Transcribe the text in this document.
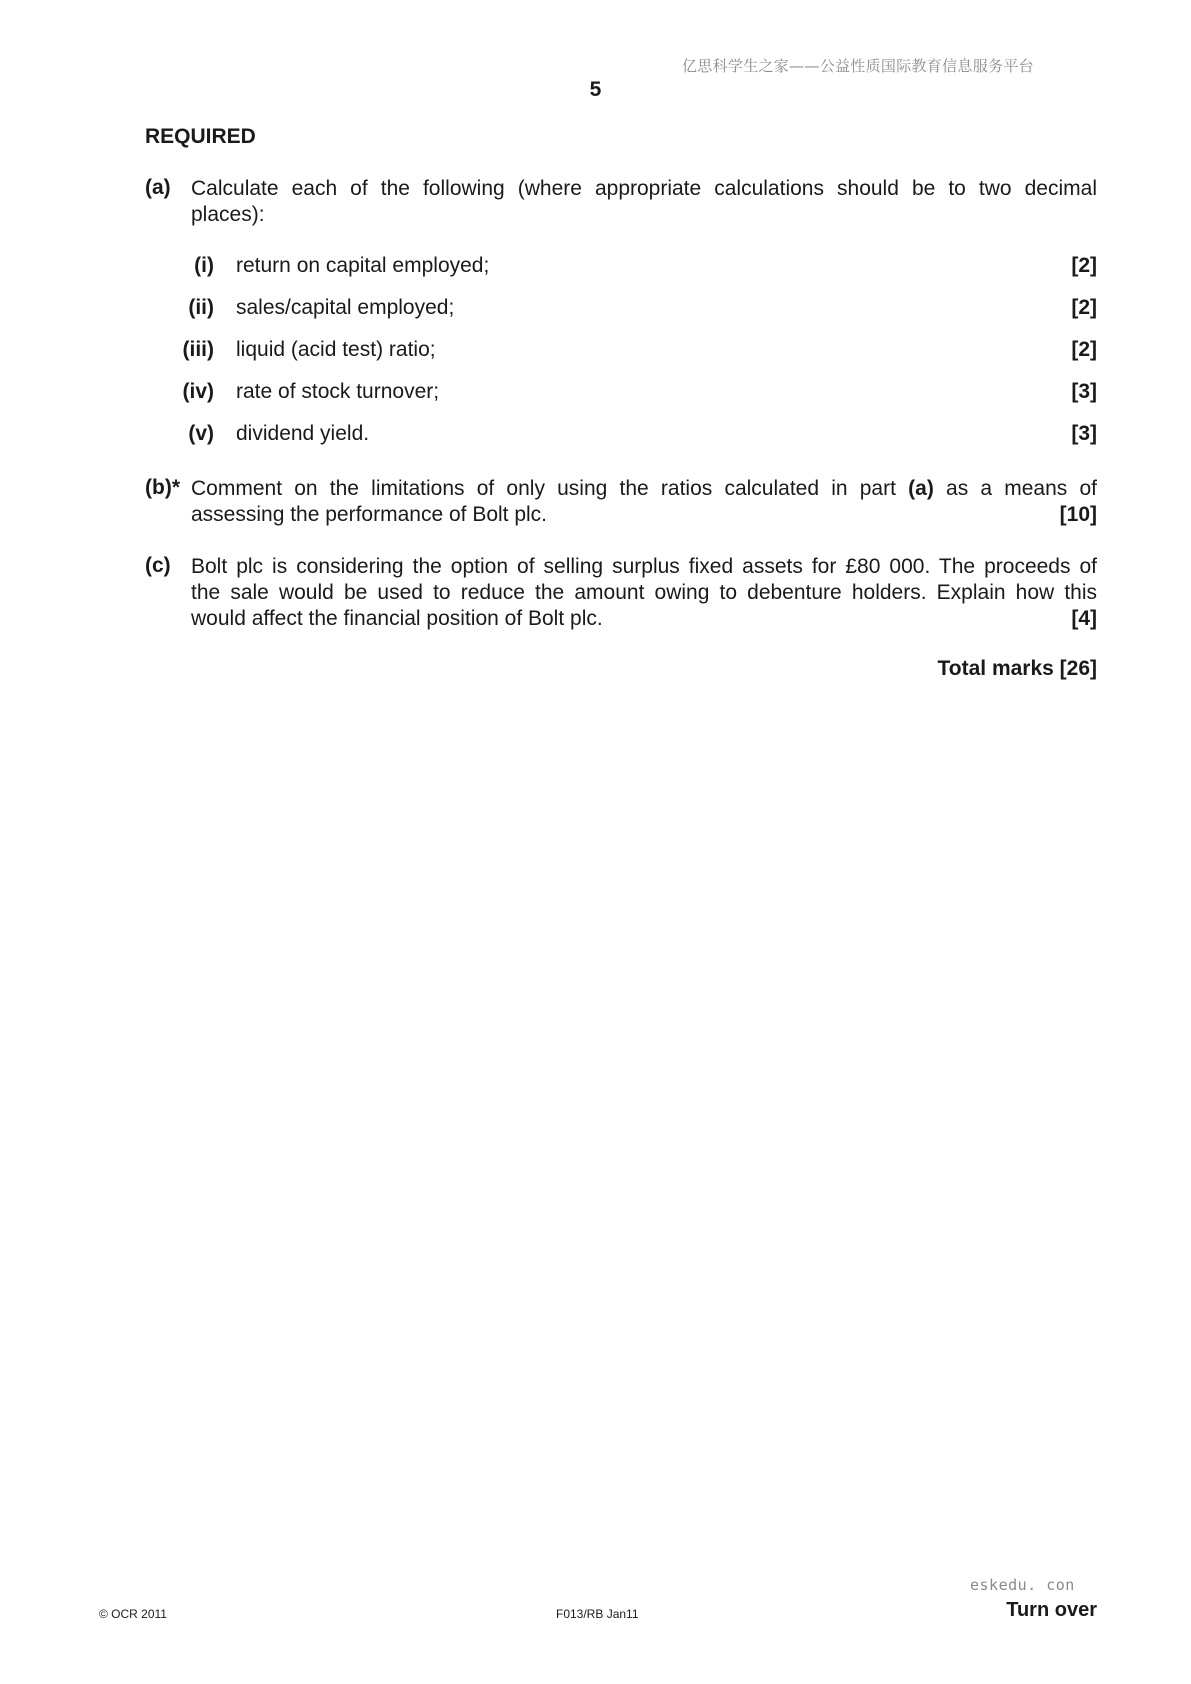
亿思科学生之家——公益性质国际教育信息服务平台
5
REQUIRED
(a) Calculate each of the following (where appropriate calculations should be to two decimal
places):
(i) return on capital employed;	[2]
(ii) sales/capital employed;	[2]
(iii) liquid (acid test) ratio;	[2]
(iv) rate of stock turnover;	[3]
(v) dividend yield.	[3]
(b)* Comment on the limitations of only using the ratios calculated in part (a) as a means of
assessing the performance of Bolt plc.	[10]
(c) Bolt plc is considering the option of selling surplus fixed assets for £80 000. The proceeds of
the sale would be used to reduce the amount owing to debenture holders. Explain how this
would affect the financial position of Bolt plc.	[4]
Total marks [26]
eskedu. con
© OCR 2011	F013/RB Jan11	Turn over
